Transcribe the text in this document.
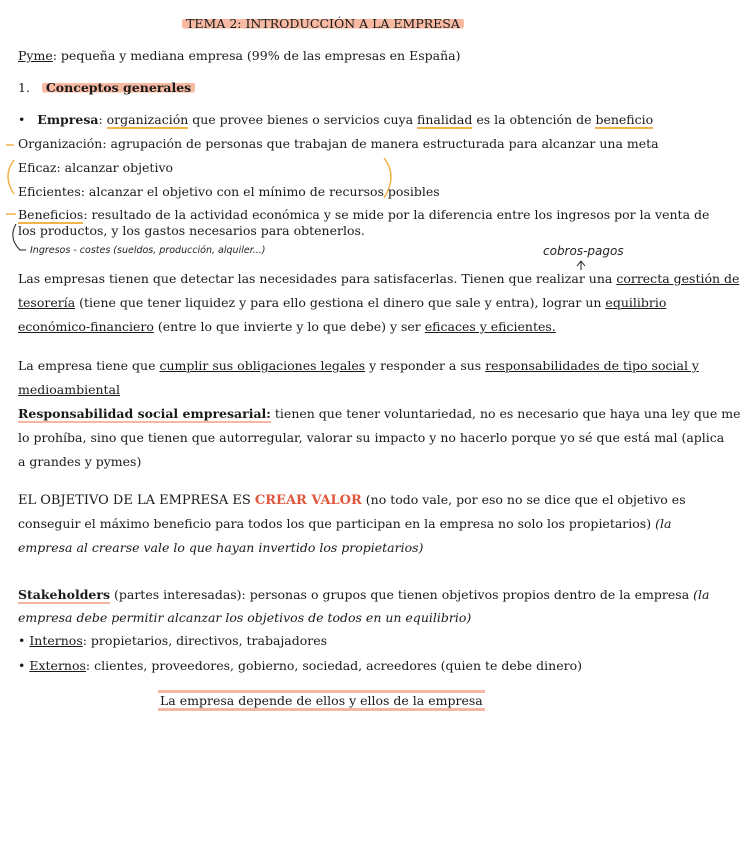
TEMA 2: INTRODUCCIÓN A LA EMPRESA
Pyme: pequeña y mediana empresa (99% de las empresas en España)
1. Conceptos generales
• Empresa: organización que provee bienes o servicios cuya finalidad es la obtención de beneficio
Organización: agrupación de personas que trabajan de manera estructurada para alcanzar una meta
Eficaz: alcanzar objetivo
Eficientes: alcanzar el objetivo con el mínimo de recursos posibles
Beneficios: resultado de la actividad económica y se mide por la diferencia entre los ingresos por la venta de
los productos, y los gastos necesarios para obtenerlos.
Ingresos - costes (sueldos, producción, alquiler...)	cobros-pagos
Las empresas tienen que detectar las necesidades para satisfacerlas. Tienen que realizar una correcta gestión de
tesorería (tiene que tener liquidez y para ello gestiona el dinero que sale y entra), lograr un equilibrio
económico-financiero (entre lo que invierte y lo que debe) y ser eficaces y eficientes.
La empresa tiene que cumplir sus obligaciones legales y responder a sus responsabilidades de tipo social y
medioambiental
Responsabilidad social empresarial: tienen que tener voluntariedad, no es necesario que haya una ley que me
lo prohíba, sino que tienen que autorregular, valorar su impacto y no hacerlo porque yo sé que está mal (aplica
a grandes y pymes)
EL OBJETIVO DE LA EMPRESA ES CREAR VALOR (no todo vale, por eso no se dice que el objetivo es
conseguir el máximo beneficio para todos los que participan en la empresa no solo los propietarios) (la
empresa al crearse vale lo que hayan invertido los propietarios)
Stakeholders (partes interesadas): personas o grupos que tienen objetivos propios dentro de la empresa (la
empresa debe permitir alcanzar los objetivos de todos en un equilibrio)
• Internos: propietarios, directivos, trabajadores
• Externos: clientes, proveedores, gobierno, sociedad, acreedores (quien te debe dinero)
La empresa depende de ellos y ellos de la empresa
